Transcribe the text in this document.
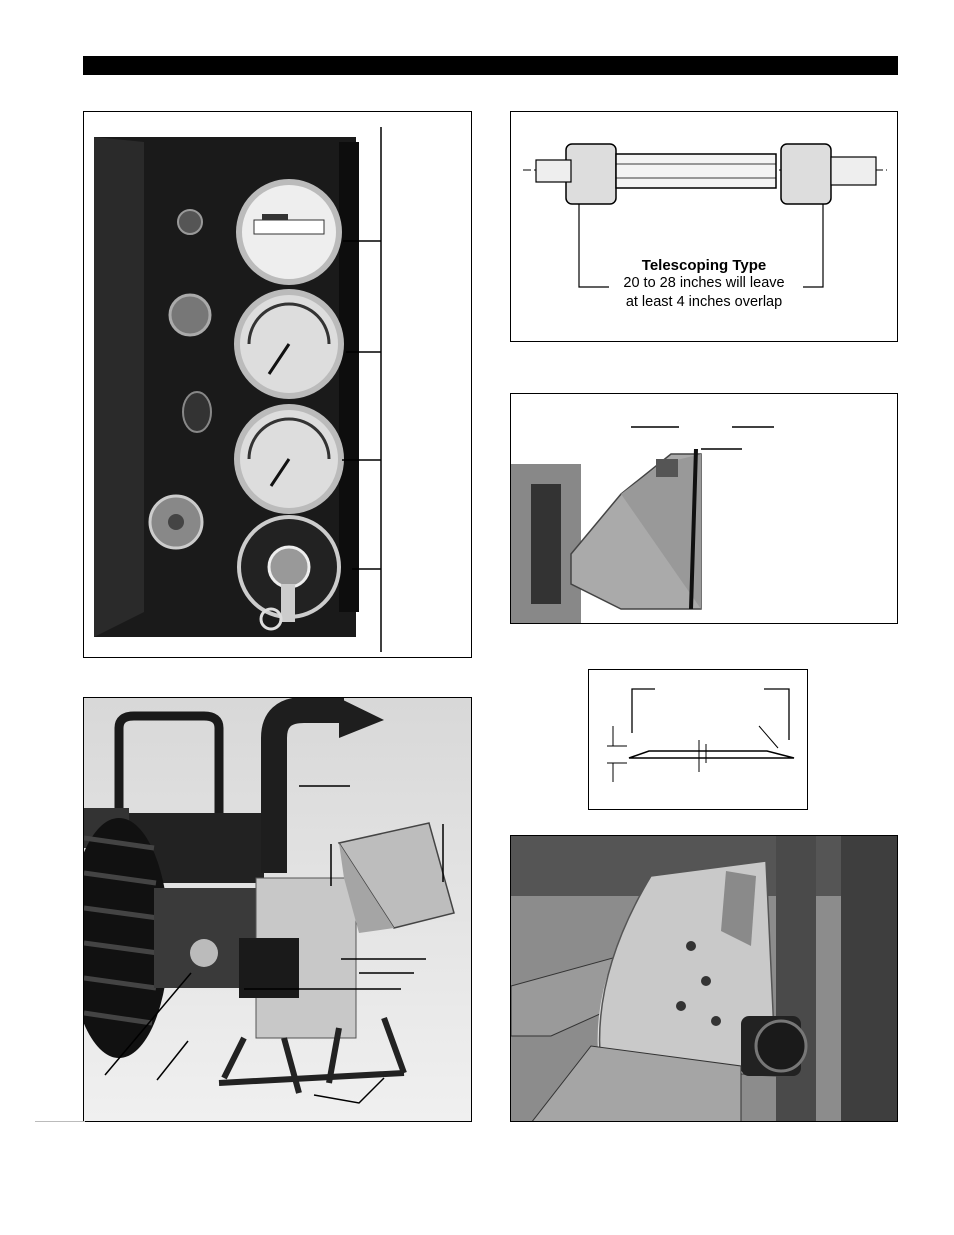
Telescoping Type
20 to 28 inches will leave
at least 4 inches overlap
